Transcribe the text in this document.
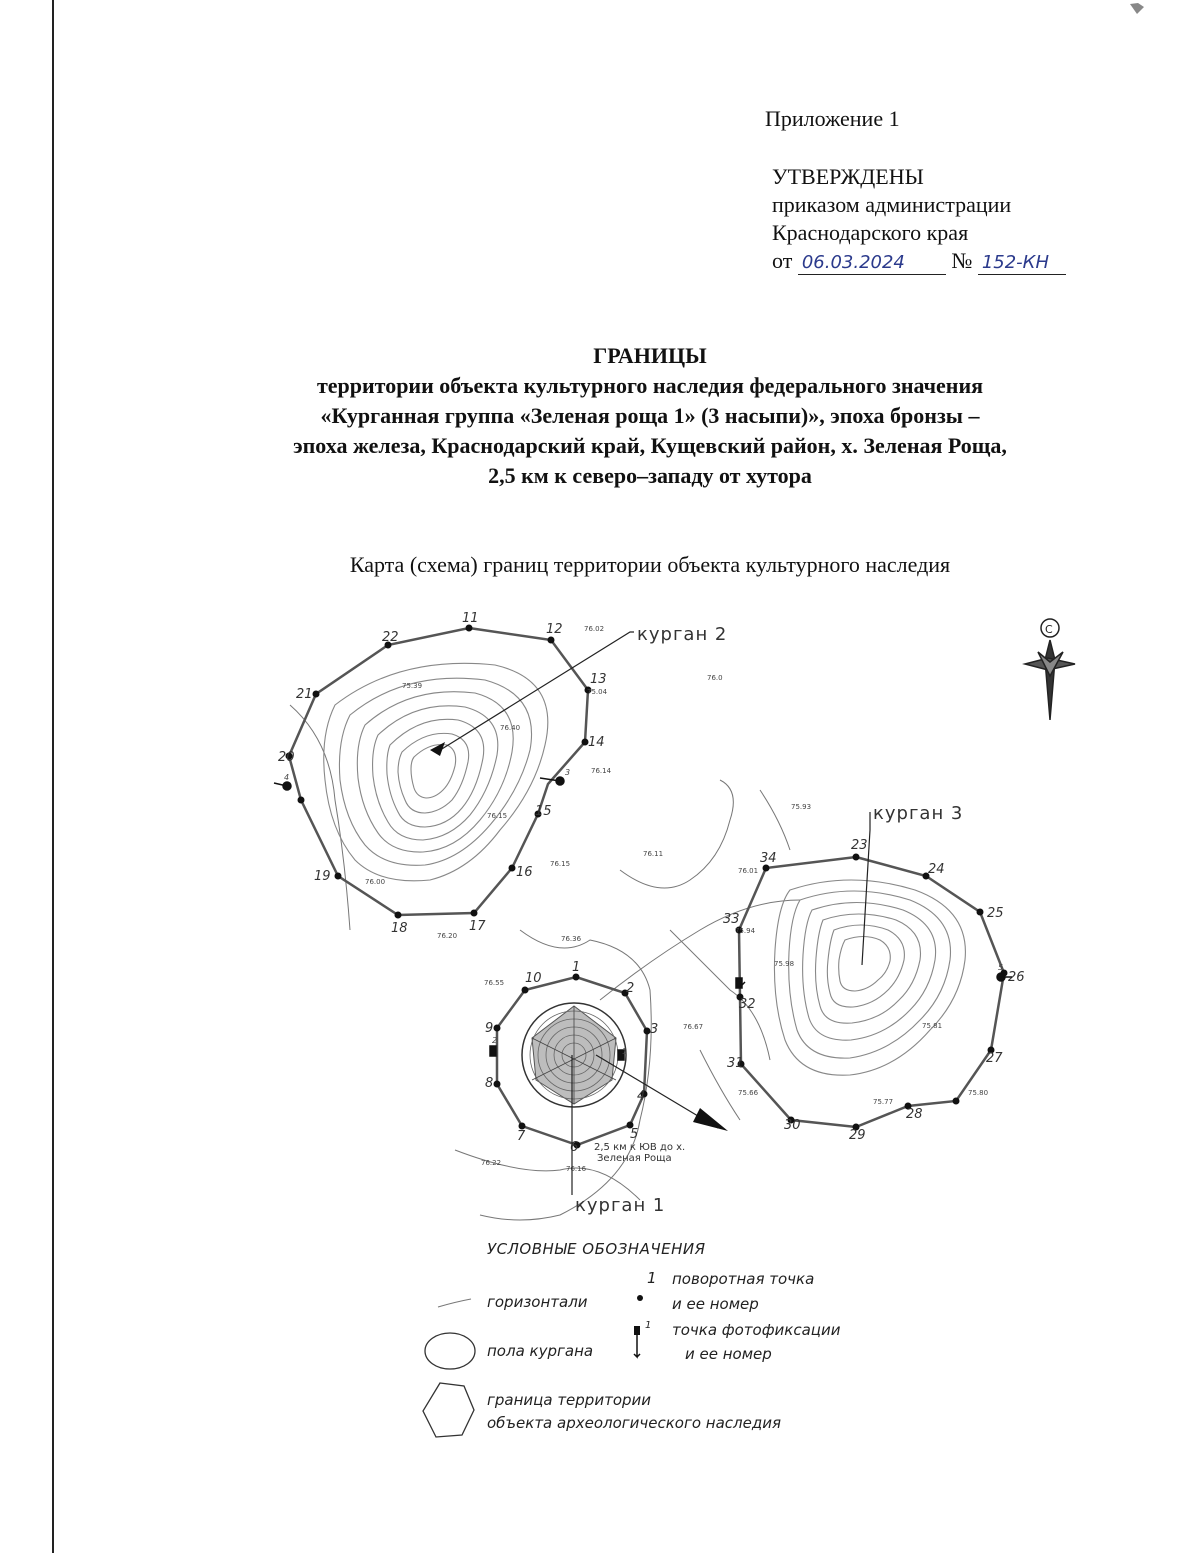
Приложение 1
УТВЕРЖДЕНЫ
приказом администрации
Краснодарского края
от 06.03.2024 № 152-КН
ГРАНИЦЫ
территории объекта культурного наследия федерального значения
«Курганная группа «Зеленая роща 1» (3 насыпи)», эпоха бронзы –
эпоха железа, Краснодарский край, Кущевский район, х. Зеленая Роща,
2,5 км к северо–западу от хутора
Карта (схема) границ территории объекта культурного наследия
11
12
13
14
15
16
17
18
19
20
21
22
23
24
25
26
27
28
29
30
31
32
33
34
1
2
3
4
5
6
7
8
9
10
76.02
76.0
75.04
76.14
75.93
76.11
76.15
76.01
75.94
75.98
75.81
75.77
75.80
75.66
76.36
76.55
76.67
76.20
76.16
76.22
75.39
76.40
76.15
76.00
курган 2
курган 3
курган 1
2,5 км к ЮВ до х.
Зеленая Роща
3
4
5
1
2
С
УСЛОВНЫЕ ОБОЗНАЧЕНИЯ
1 поворотная точка
горизонтали	и ее номер
1 точка фотофиксации
пола кургана	и ее номер
граница территории
объекта археологического наследия
